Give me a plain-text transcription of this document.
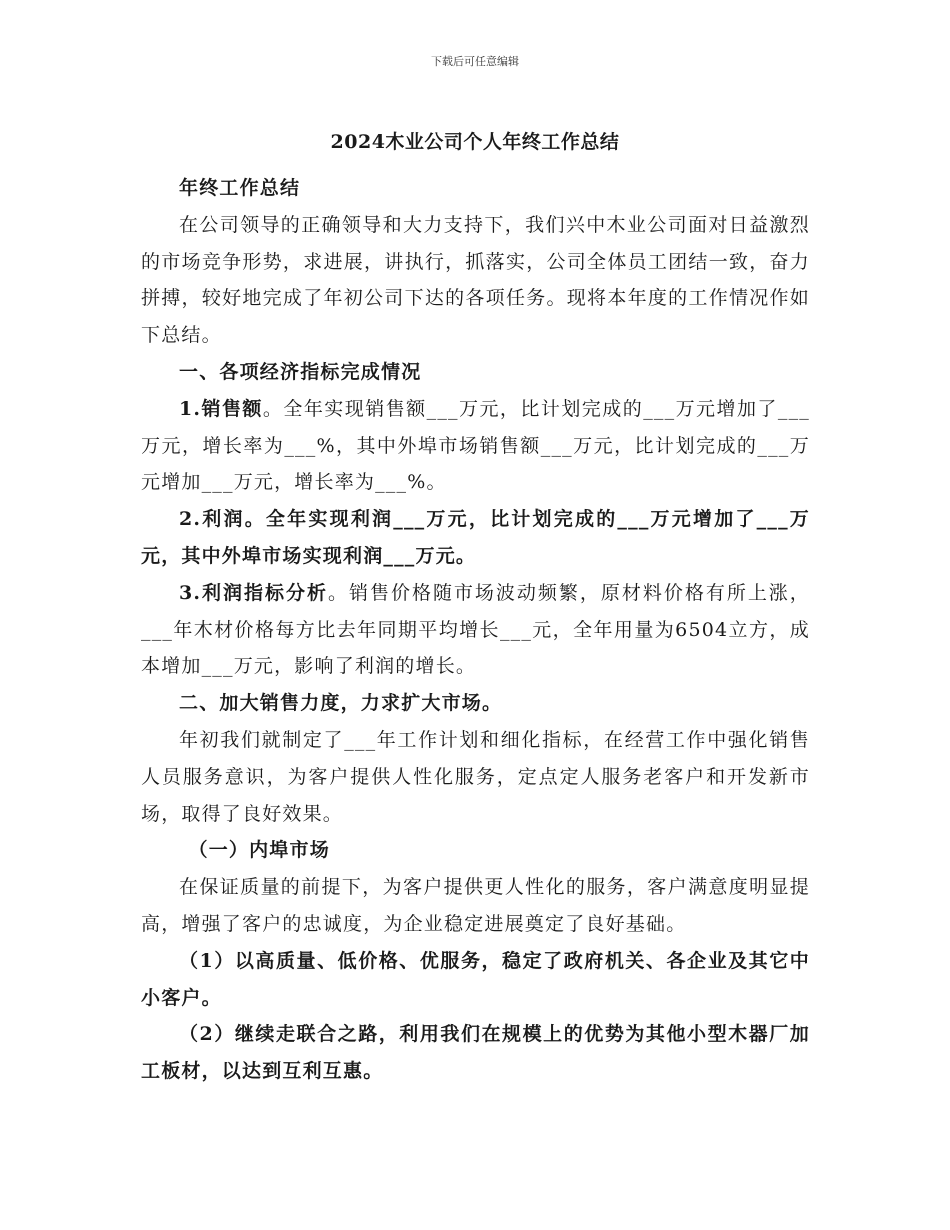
下载后可任意编辑
2024木业公司个人年终工作总结

年终工作总结

在公司领导的正确领导和大力支持下，我们兴中木业公司面对日益激烈的市场竞争形势，求进展，讲执行，抓落实，公司全体员工团结一致，奋力拼搏，较好地完成了年初公司下达的各项任务。现将本年度的工作情况作如下总结。

一、各项经济指标完成情况

1.销售额。全年实现销售额___万元，比计划完成的___万元增加了___万元，增长率为___%，其中外埠市场销售额___万元，比计划完成的___万元增加___万元，增长率为___%。

2.利润。全年实现利润___万元，比计划完成的___万元增加了___万元，其中外埠市场实现利润___万元。

3.利润指标分析。销售价格随市场波动频繁，原材料价格有所上涨，___年木材价格每方比去年同期平均增长___元，全年用量为6504立方，成本增加___万元，影响了利润的增长。

二、加大销售力度，力求扩大市场。

年初我们就制定了___年工作计划和细化指标，在经营工作中强化销售人员服务意识，为客户提供人性化服务，定点定人服务老客户和开发新市场，取得了良好效果。

（一）内埠市场

在保证质量的前提下，为客户提供更人性化的服务，客户满意度明显提高，增强了客户的忠诚度，为企业稳定进展奠定了良好基础。

（1）以高质量、低价格、优服务，稳定了政府机关、各企业及其它中小客户。

（2）继续走联合之路，利用我们在规模上的优势为其他小型木器厂加工板材，以达到互利互惠。
